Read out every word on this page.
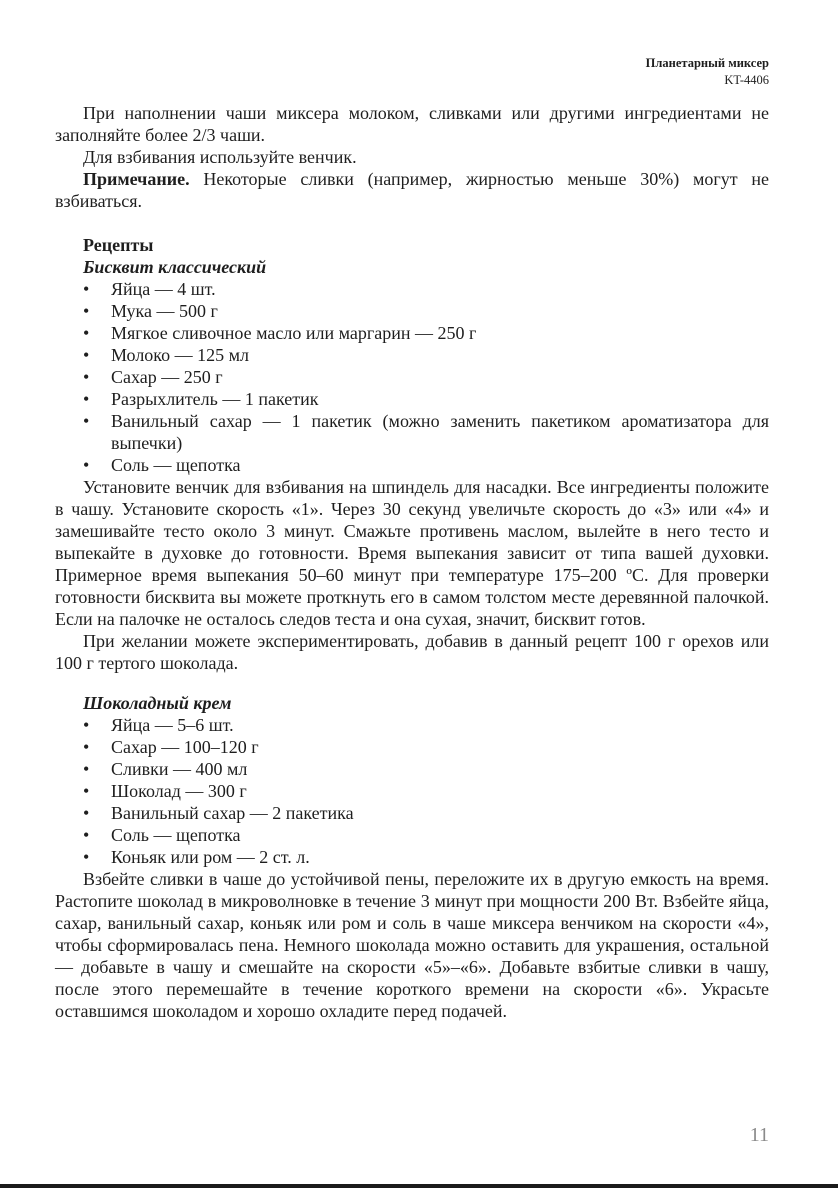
Планетарный миксер
KT-4406

При наполнении чаши миксера молоком, сливками или другими ингредиентами не заполняйте более 2/3 чаши.

Для взбивания используйте венчик.

Примечание. Некоторые сливки (например, жирностью меньше 30%) могут не взбиваться.

Рецепты
Бисквит классический
• Яйца — 4 шт.
• Мука — 500 г
• Мягкое сливочное масло или маргарин — 250 г
• Молоко — 125 мл
• Сахар — 250 г
• Разрыхлитель — 1 пакетик
• Ванильный сахар — 1 пакетик (можно заменить пакетиком ароматизатора для выпечки)
• Соль — щепотка

Установите венчик для взбивания на шпиндель для насадки. Все ингредиенты положите в чашу. Установите скорость «1». Через 30 секунд увеличьте скорость до «3» или «4» и замешивайте тесто около 3 минут. Смажьте противень маслом, вылейте в него тесто и выпекайте в духовке до готовности. Время выпекания зависит от типа вашей духовки. Примерное время выпекания 50–60 минут при температуре 175–200 ºС. Для проверки готовности бисквита вы можете проткнуть его в самом толстом месте деревянной палочкой. Если на палочке не осталось следов теста и она сухая, значит, бисквит готов.

При желании можете экспериментировать, добавив в данный рецепт 100 г орехов или 100 г тертого шоколада.

Шоколадный крем
• Яйца — 5–6 шт.
• Сахар — 100–120 г
• Сливки — 400 мл
• Шоколад — 300 г
• Ванильный сахар — 2 пакетика
• Соль — щепотка
• Коньяк или ром — 2 ст. л.

Взбейте сливки в чаше до устойчивой пены, переложите их в другую емкость на время. Растопите шоколад в микроволновке в течение 3 минут при мощности 200 Вт. Взбейте яйца, сахар, ванильный сахар, коньяк или ром и соль в чаше миксера венчиком на скорости «4», чтобы сформировалась пена. Немного шоколада можно оставить для украшения, остальной — добавьте в чашу и смешайте на скорости «5»–«6». Добавьте взбитые сливки в чашу, после этого перемешайте в течение короткого времени на скорости «6». Украсьте оставшимся шоколадом и хорошо охладите перед подачей.

11
